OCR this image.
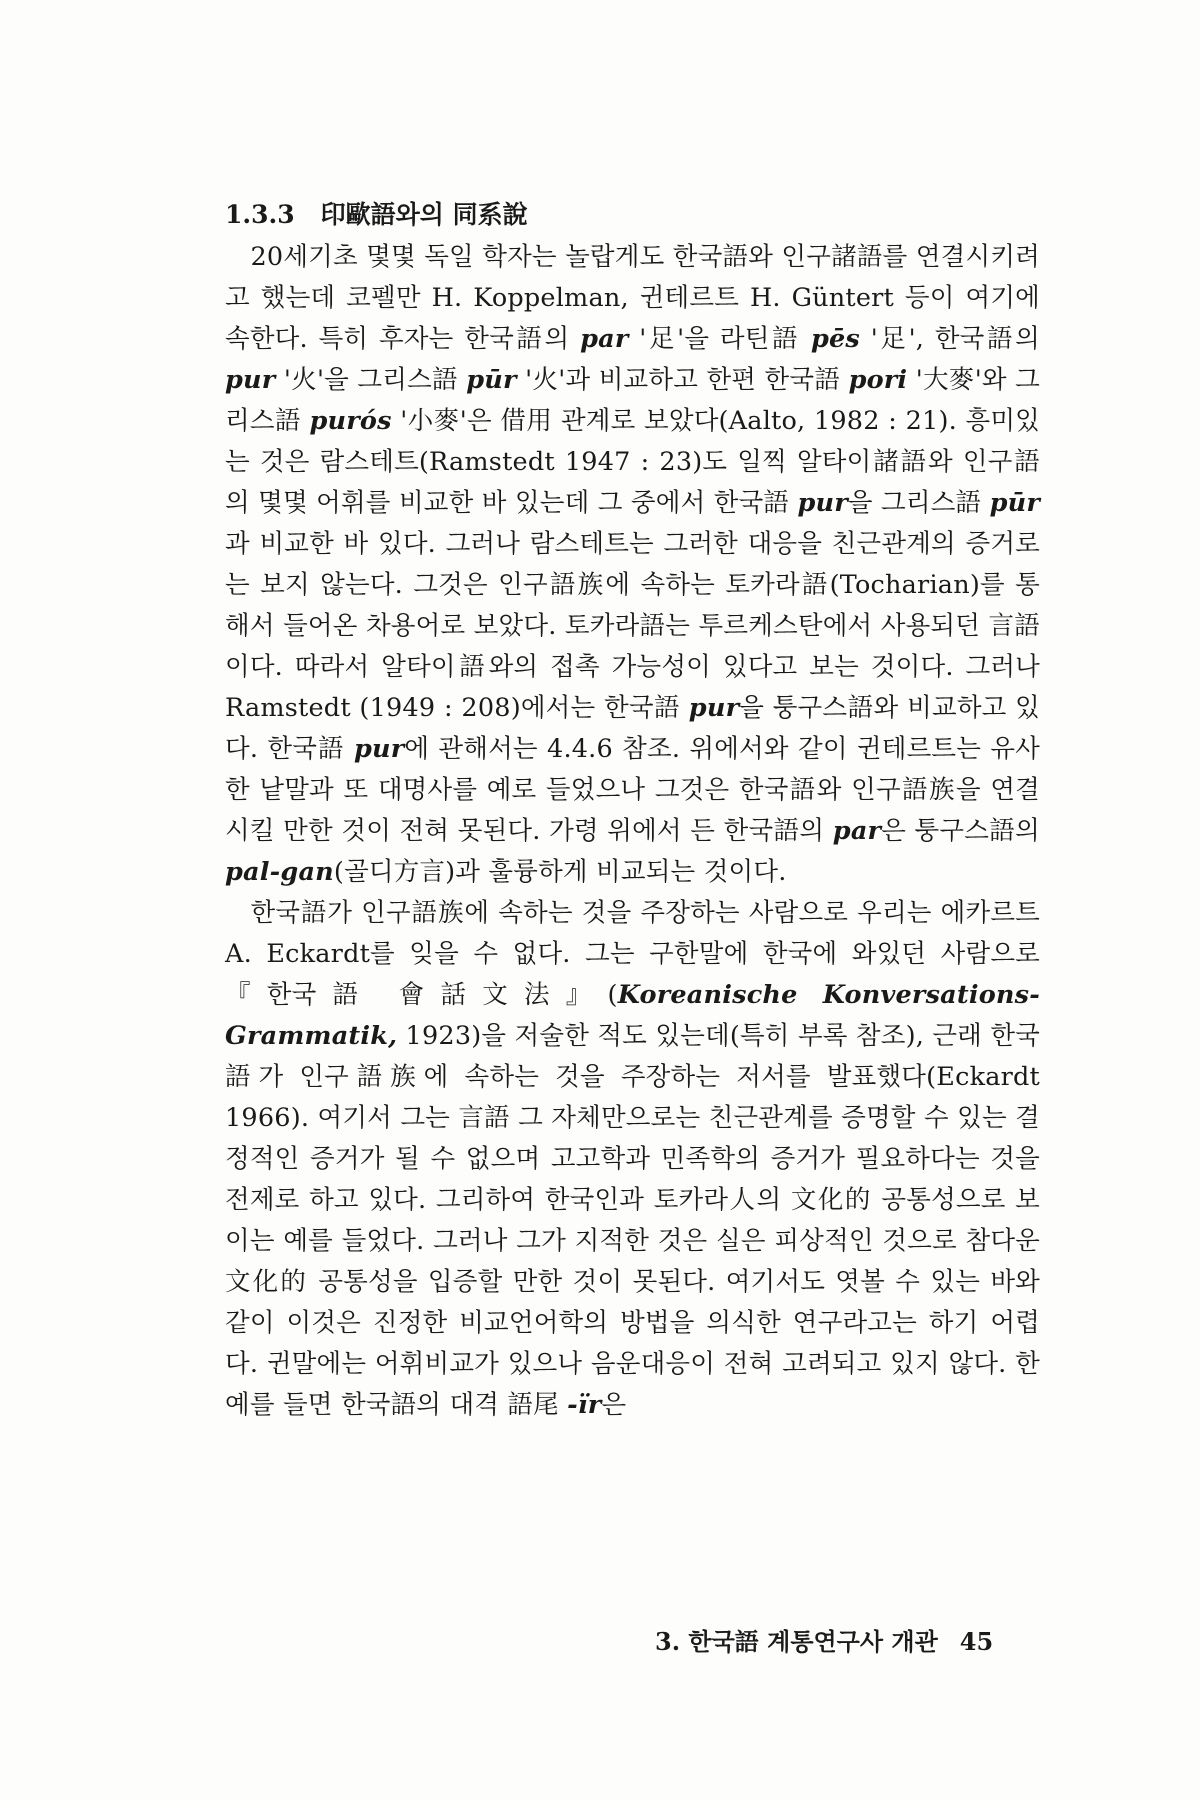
1.3.3 印歐語와의 同系說

20세기초 몇몇 독일 학자는 놀랍게도 한국語와 인구諸語를 연결시키려고 했는데 코펠만 H. Koppelman, 귄테르트 H. Güntert 등이 여기에 속한다. 특히 후자는 한국語의 par '足'을 라틴語 pēs '足', 한국語의 pur '火'을 그리스語 pūr '火'과 비교하고 한편 한국語 pori '大麥'와 그리스語 purós '小麥'은 借用 관계로 보았다(Aalto, 1982 : 21). 흥미있는 것은 람스테트(Ramstedt 1947 : 23)도 일찍 알타이諸語와 인구語의 몇몇 어휘를 비교한 바 있는데 그 중에서 한국語 pur을 그리스語 pūr과 비교한 바 있다. 그러나 람스테트는 그러한 대응을 친근관계의 증거로는 보지 않는다. 그것은 인구語族에 속하는 토카라語(Tocharian)를 통해서 들어온 차용어로 보았다. 토카라語는 투르케스탄에서 사용되던 言語이다. 따라서 알타이語와의 접촉 가능성이 있다고 보는 것이다. 그러나 Ramstedt (1949 : 208)에서는 한국語 pur을 퉁구스語와 비교하고 있다. 한국語 pur에 관해서는 4.4.6 참조. 위에서와 같이 귄테르트는 유사한 낱말과 또 대명사를 예로 들었으나 그것은 한국語와 인구語族을 연결시킬 만한 것이 전혀 못된다. 가령 위에서 든 한국語의 par은 퉁구스語의 pal-gan(골디方言)과 훌륭하게 비교되는 것이다.

한국語가 인구語族에 속하는 것을 주장하는 사람으로 우리는 에카르트 A. Eckardt를 잊을 수 없다. 그는 구한말에 한국에 와있던 사람으로 『한국語 會話文法』(Koreanische Konversations-Grammatik, 1923)을 저술한 적도 있는데(특히 부록 참조), 근래 한국語가 인구語族에 속하는 것을 주장하는 저서를 발표했다(Eckardt 1966). 여기서 그는 言語 그 자체만으로는 친근관계를 증명할 수 있는 결정적인 증거가 될 수 없으며 고고학과 민족학의 증거가 필요하다는 것을 전제로 하고 있다. 그리하여 한국인과 토카라人의 文化的 공통성으로 보이는 예를 들었다. 그러나 그가 지적한 것은 실은 피상적인 것으로 참다운 文化的 공통성을 입증할 만한 것이 못된다. 여기서도 엿볼 수 있는 바와 같이 이것은 진정한 비교언어학의 방법을 의식한 연구라고는 하기 어렵다. 귄말에는 어휘비교가 있으나 음운대응이 전혀 고려되고 있지 않다. 한 예를 들면 한국語의 대격 語尾 -ïr은

3. 한국語 계통연구사 개관 45
